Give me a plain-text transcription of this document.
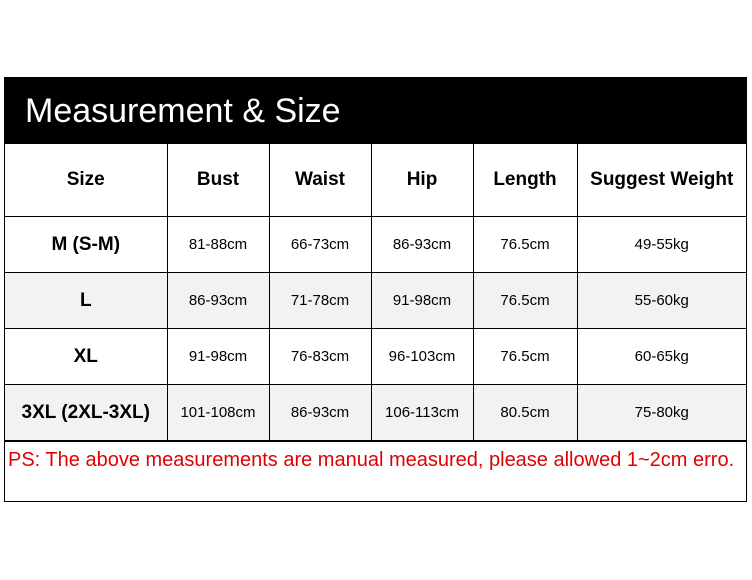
Measurement & Size
Size	Bust	Waist	Hip	Length	Suggest Weight
M (S-M)	81-88cm	66-73cm	86-93cm	76.5cm	49-55kg
L	86-93cm	71-78cm	91-98cm	76.5cm	55-60kg
XL	91-98cm	76-83cm	96-103cm	76.5cm	60-65kg
3XL (2XL-3XL)	101-108cm	86-93cm	106-113cm	80.5cm	75-80kg
PS: The above measurements are manual measured, please allowed 1~2cm erro.
